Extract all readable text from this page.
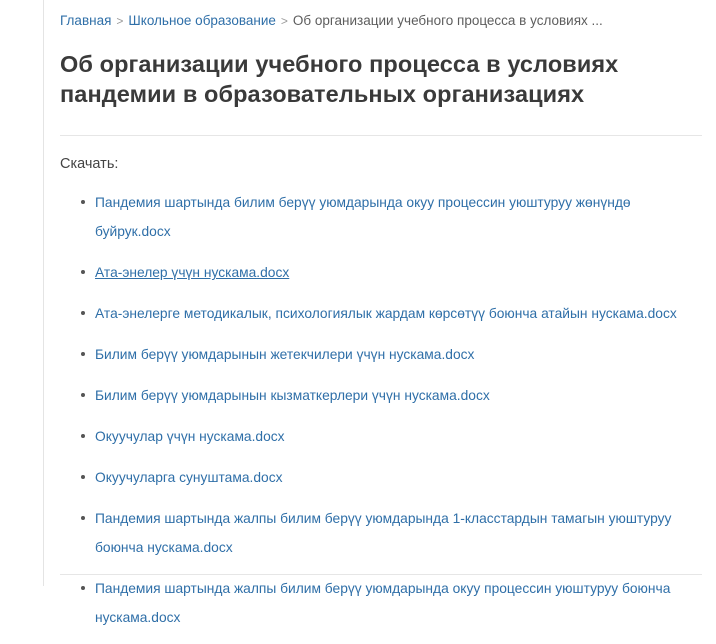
Главная > Школьное образование > Об организации учебного процесса в условиях ...
Об организации учебного процесса в условиях пандемии в образовательных организациях
Скачать:
Пандемия шартында билим берүү уюмдарында окуу процессин уюштуруу жөнүндө буйрук.docx
Ата-энелер үчүн нускама.docx
Ата-энелерге методикалык, психологиялык жардам көрсөтүү боюнча атайын нускама.docx
Билим берүү уюмдарынын жетекчилери үчүн нускама.docx
Билим берүү уюмдарынын кызматкерлери үчүн нускама.docx
Окуучулар үчүн нускама.docx
Окуучуларга сунуштама.docx
Пандемия шартында жалпы билим берүү уюмдарында 1-класстардын тамагын уюштуруу боюнча нускама.docx
Пандемия шартында жалпы билим берүү уюмдарында окуу процессин уюштуруу боюнча нускама.docx
